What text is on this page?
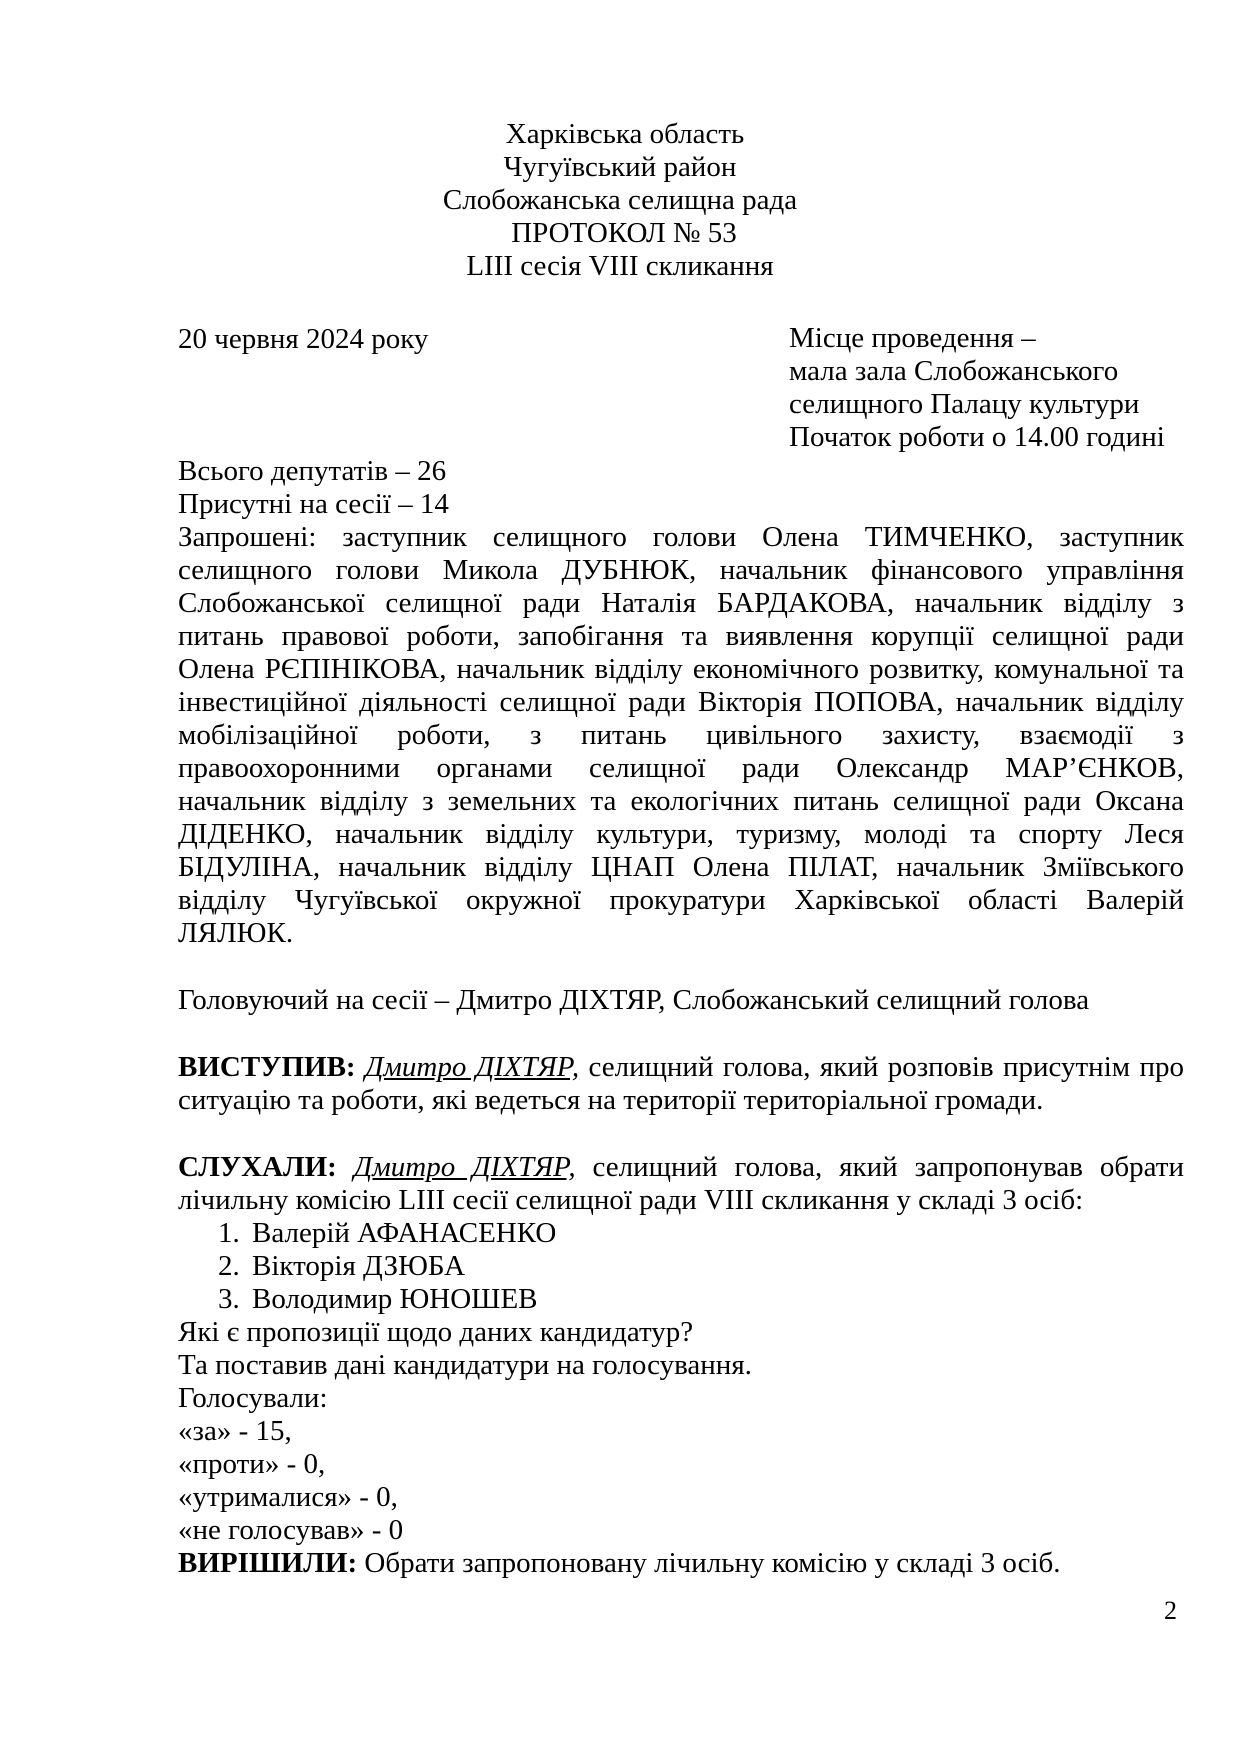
Харківська область
Чугуївський район
Слобожанська селищна рада
ПРОТОКОЛ № 53
LIII сесія VIII скликання
20 червня 2024 року	Місце проведення –
мала зала Слобожанського
селищного Палацу культури
Початок роботи о 14.00 годині
Всього депутатів – 26
Присутні на сесії – 14
Запрошені: заступник селищного голови Олена ТИМЧЕНКО, заступник
селищного голови Микола ДУБНЮК, начальник фінансового управління
Слобожанської селищної ради Наталія БАРДАКОВА, начальник відділу з
питань правової роботи, запобігання та виявлення корупції селищної ради
Олена РЄПІНІКОВА, начальник відділу економічного розвитку, комунальної та
інвестиційної діяльності селищної ради Вікторія ПОПОВА, начальник відділу
мобілізаційної роботи, з питань цивільного захисту, взаємодії з
правоохоронними органами селищної ради Олександр МАР’ЄНКОВ,
начальник відділу з земельних та екологічних питань селищної ради Оксана
ДІДЕНКО, начальник відділу культури, туризму, молоді та спорту Леся
БІДУЛІНА, начальник відділу ЦНАП Олена ПІЛАТ, начальник Зміївського
відділу Чугуївської окружної прокуратури Харківської області Валерій
ЛЯЛЮК.
Головуючий на сесії – Дмитро ДІХТЯР, Слобожанський селищний голова
ВИСТУПИВ: Дмитро ДІХТЯР, селищний голова, який розповів присутнім про
ситуацію та роботи, які ведеться на території територіальної громади.
СЛУХАЛИ: Дмитро ДІХТЯР, селищний голова, який запропонував обрати
лічильну комісію LIII сесії селищної ради VIII скликання у складі 3 осіб:
1. Валерій АФАНАСЕНКО
2. Вікторія ДЗЮБА
3. Володимир ЮНОШЕВ
Які є пропозиції щодо даних кандидатур?
Та поставив дані кандидатури на голосування.
Голосували:
«за» - 15,
«проти» - 0,
«утрималися» - 0,
«не голосував» - 0
ВИРІШИЛИ: Обрати запропоновану лічильну комісію у складі 3 осіб.
2
